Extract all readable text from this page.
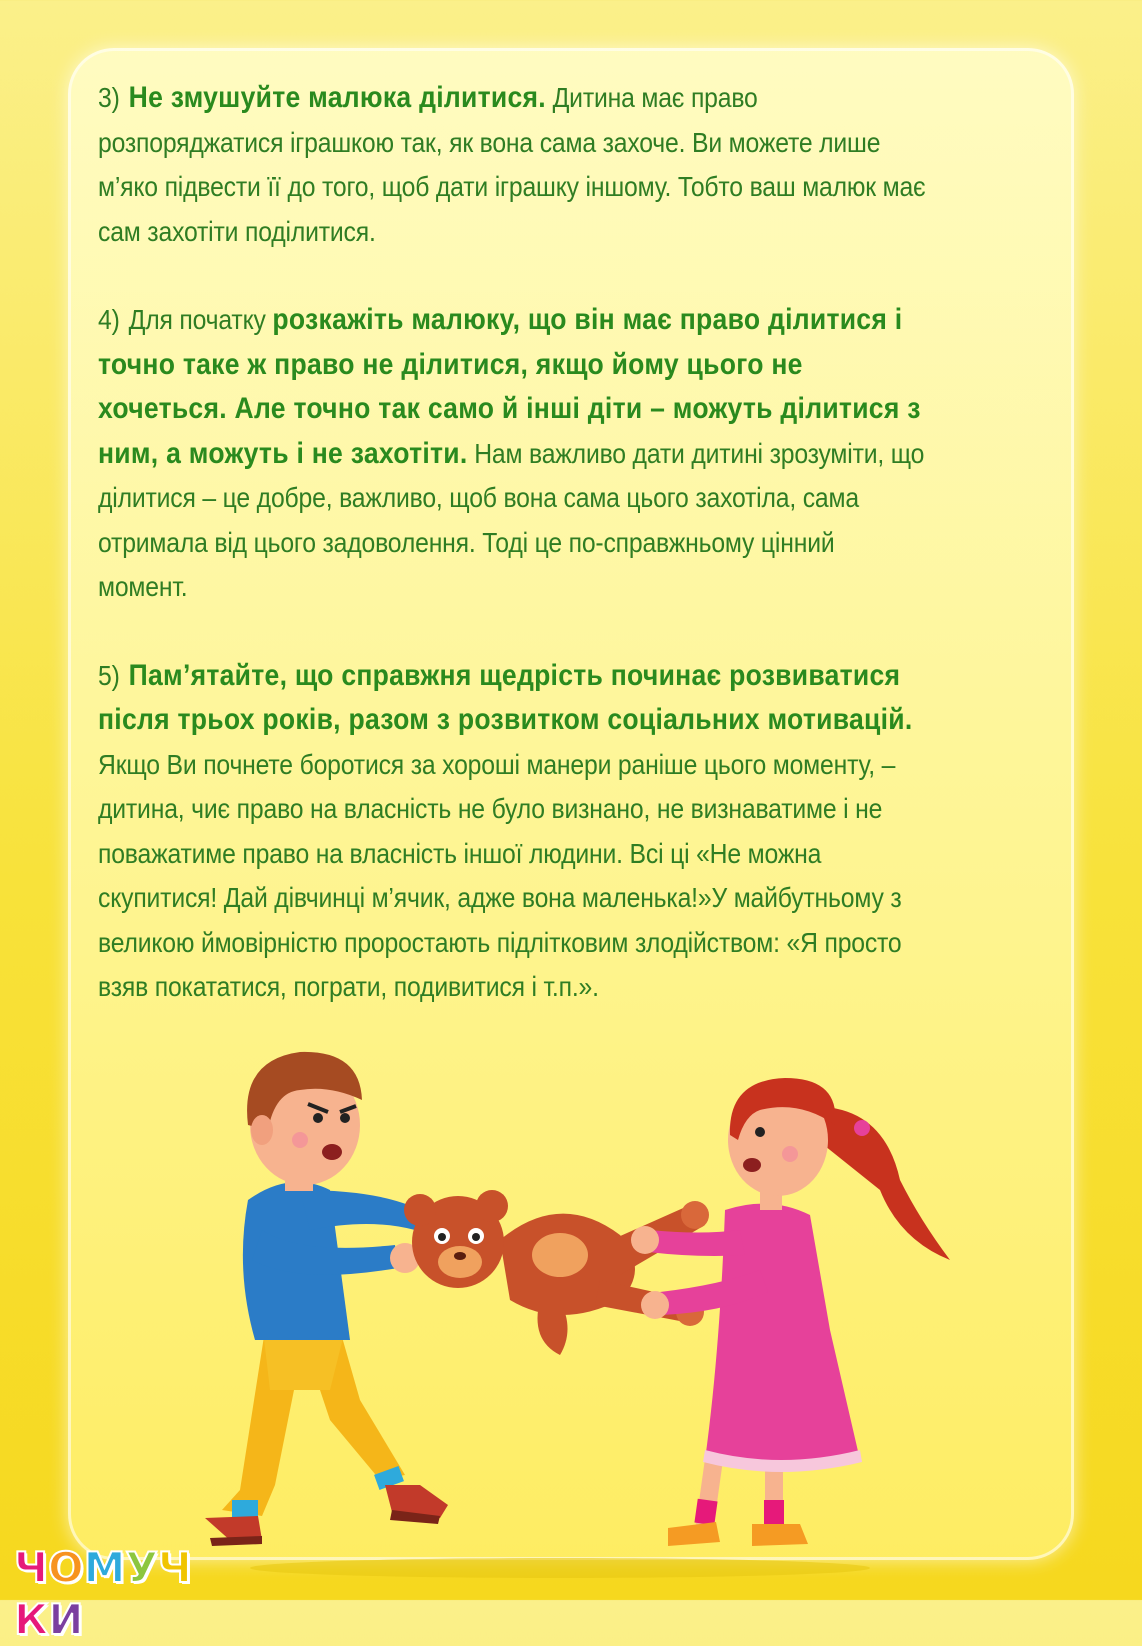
3) Не змушуйте малюка ділитися. Дитина має право розпоряджатися іграшкою так, як вона сама захоче. Ви можете лише м’яко підвести її до того, щоб дати іграшку іншому. Тобто ваш малюк має сам захотіти поділитися.

4) Для початку розкажіть малюку, що він має право ділитися і точно таке ж право не ділитися, якщо йому цього не хочеться. Але точно так само й інші діти – можуть ділитися з ним, а можуть і не захотіти. Нам важливо дати дитині зрозуміти, що ділитися – це добре, важливо, щоб вона сама цього захотіла, сама отримала від цього задоволення. Тоді це по-справжньому цінний момент.

5) Пам’ятайте, що справжня щедрість починає розвиватися після трьох років, разом з розвитком соціальних мотивацій. Якщо Ви почнете боротися за хороші манери раніше цього моменту, – дитина, чиє право на власність не було визнано, не визнаватиме і не поважатиме право на власність іншої людини. Всі ці «Не можна скупитися! Дай дівчинці м’ячик, адже вона маленька!»У майбутньому з великою ймовірністю проростають підлітковим злодійством: «Я просто взяв покататися, пограти, подивитися і т.п.».

ЧОМУЧКИ
